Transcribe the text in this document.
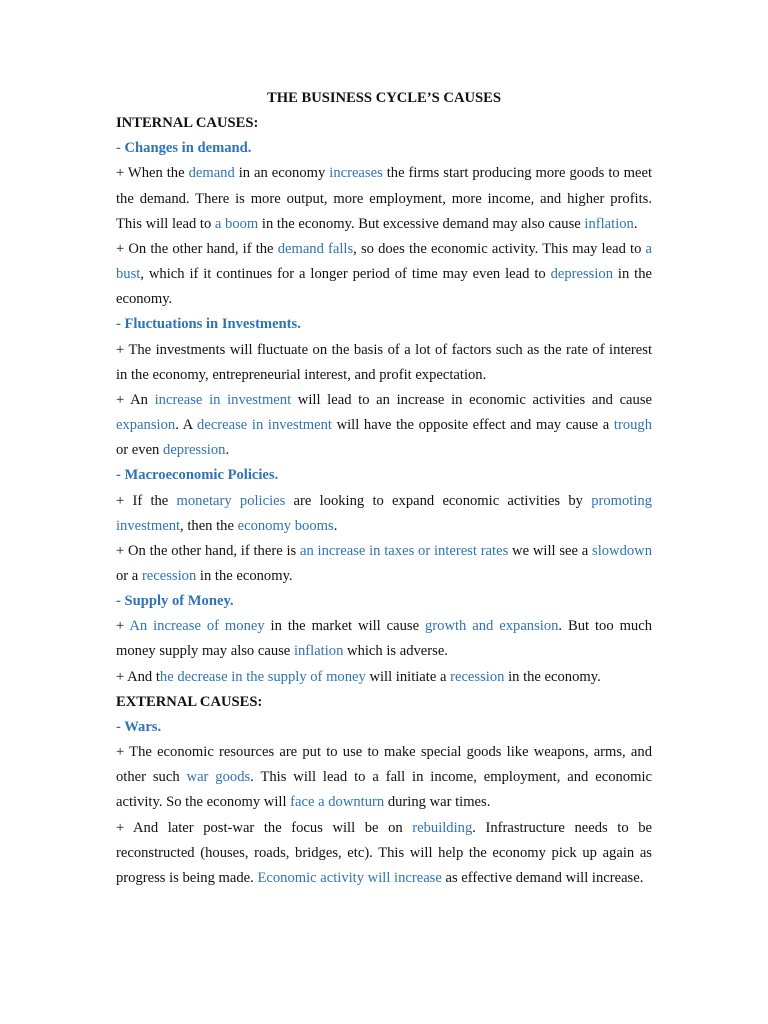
THE BUSINESS CYCLE’S CAUSES

INTERNAL CAUSES:

- Changes in demand.

+ When the demand in an economy increases the firms start producing more goods to meet the demand. There is more output, more employment, more income, and higher profits. This will lead to a boom in the economy. But excessive demand may also cause inflation.

+ On the other hand, if the demand falls, so does the economic activity. This may lead to a bust, which if it continues for a longer period of time may even lead to depression in the economy.

- Fluctuations in Investments.

+ The investments will fluctuate on the basis of a lot of factors such as the rate of interest in the economy, entrepreneurial interest, and profit expectation.

+ An increase in investment will lead to an increase in economic activities and cause expansion. A decrease in investment will have the opposite effect and may cause a trough or even depression.

- Macroeconomic Policies.

+ If the monetary policies are looking to expand economic activities by promoting investment, then the economy booms.

+ On the other hand, if there is an increase in taxes or interest rates we will see a slowdown or a recession in the economy.

- Supply of Money.

+ An increase of money in the market will cause growth and expansion. But too much money supply may also cause inflation which is adverse.

+ And the decrease in the supply of money will initiate a recession in the economy.

EXTERNAL CAUSES:

- Wars.

+ The economic resources are put to use to make special goods like weapons, arms, and other such war goods. This will lead to a fall in income, employment, and economic activity. So the economy will face a downturn during war times.

+ And later post-war the focus will be on rebuilding. Infrastructure needs to be reconstructed (houses, roads, bridges, etc). This will help the economy pick up again as progress is being made. Economic activity will increase as effective demand will increase.
